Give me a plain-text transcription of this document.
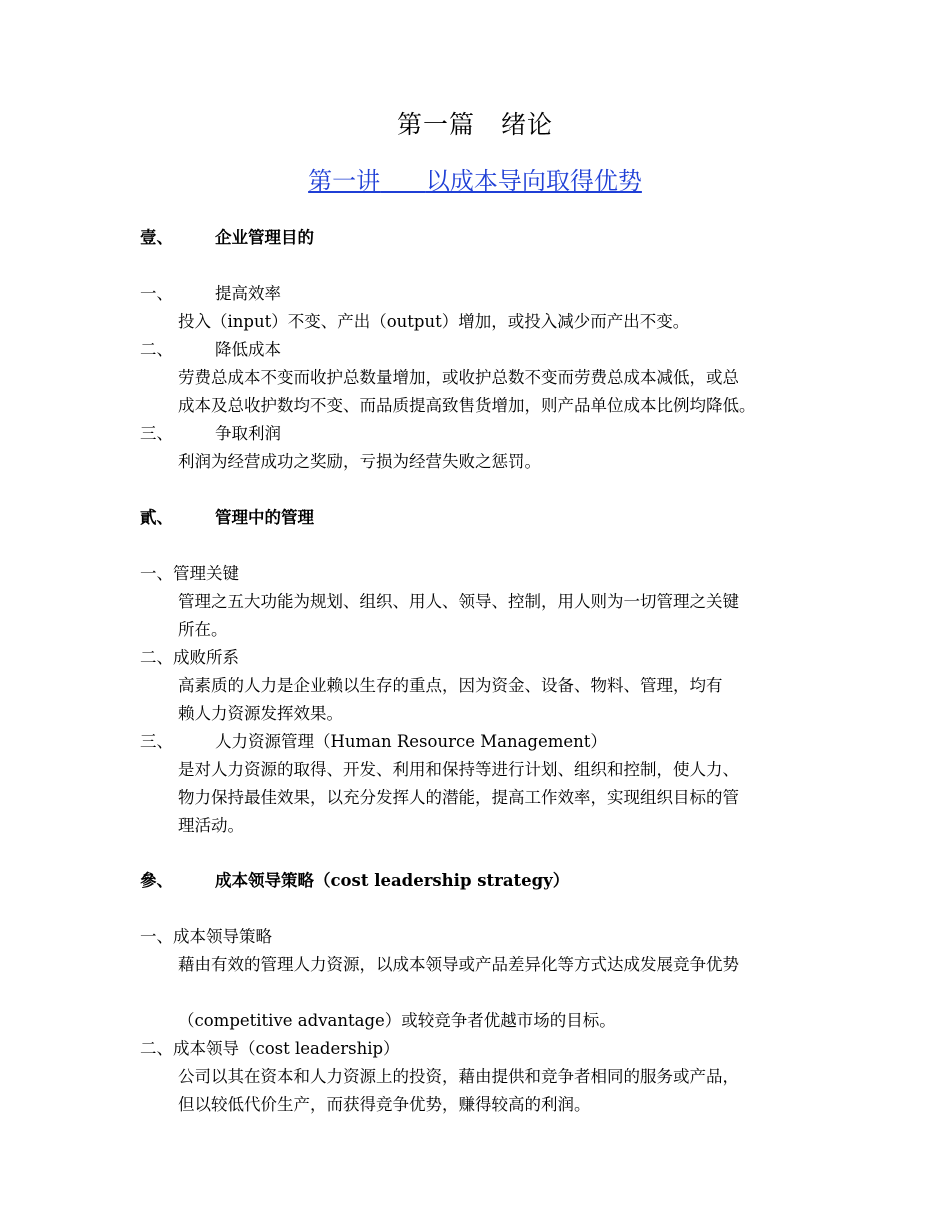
第一篇　绪论
第一讲 以成本导向取得优势
壹、	企业管理目的
一、	提高效率
投入（input）不变、产出（output）增加，或投入减少而产出不变。
二、	降低成本
劳费总成本不变而收护总数量增加，或收护总数不变而劳费总成本减低，或总
成本及总收护数均不变、而品质提高致售货增加，则产品单位成本比例均降低。
三、	争取利润
利润为经营成功之奖励，亏损为经营失败之惩罚。
貳、	管理中的管理
一、管理关键
管理之五大功能为规划、组织、用人、领导、控制，用人则为一切管理之关键
所在。
二、成败所系
高素质的人力是企业赖以生存的重点，因为资金、设备、物料、管理，均有
赖人力资源发挥效果。
三、	人力资源管理（Human Resource Management）
是对人力资源的取得、开发、利用和保持等进行计划、组织和控制，使人力、
物力保持最佳效果，以充分发挥人的潜能，提高工作效率，实现组织目标的管
理活动。
參、	成本领导策略（cost leadership strategy）
一、成本领导策略
藉由有效的管理人力资源，以成本领导或产品差异化等方式达成发展竞争优势
（competitive advantage）或较竞争者优越市场的目标。
二、成本领导（cost leadership）
公司以其在资本和人力资源上的投资，藉由提供和竞争者相同的服务或产品，
但以较低代价生产，而获得竞争优势，赚得较高的利润。
